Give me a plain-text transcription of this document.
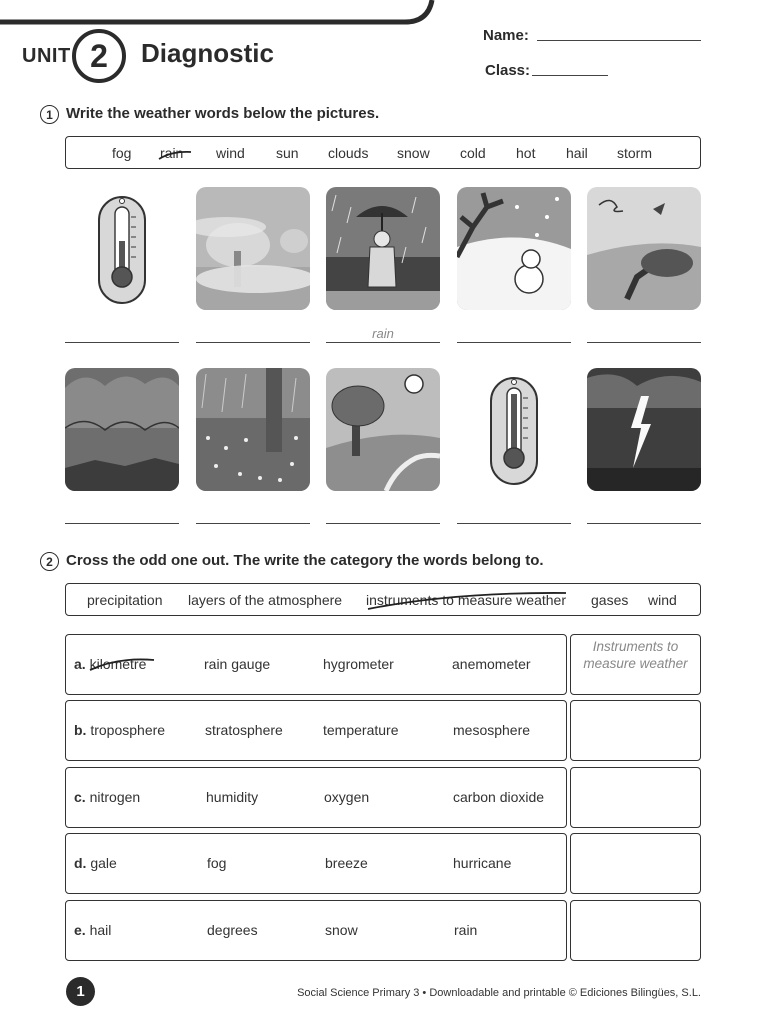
UNIT 2	Diagnostic
Name:
Class:
1 Write the weather words below the pictures.
fog rain wind sun clouds snow cold hot hail storm
rain
2 Cross the odd one out. The write the category the words belong to.
precipitation layers of the atmosphere instruments to measure weather gases wind
a. kilometre	rain gauge	hygrometer	anemometer
Instruments to measure weather
b. troposphere	stratosphere	temperature	mesosphere
c. nitrogen	humidity	oxygen	carbon dioxide
d. gale	fog	breeze	hurricane
e. hail	degrees	snow	rain
1	Social Science Primary 3 • Downloadable and printable © Ediciones Bilingües, S.L.
